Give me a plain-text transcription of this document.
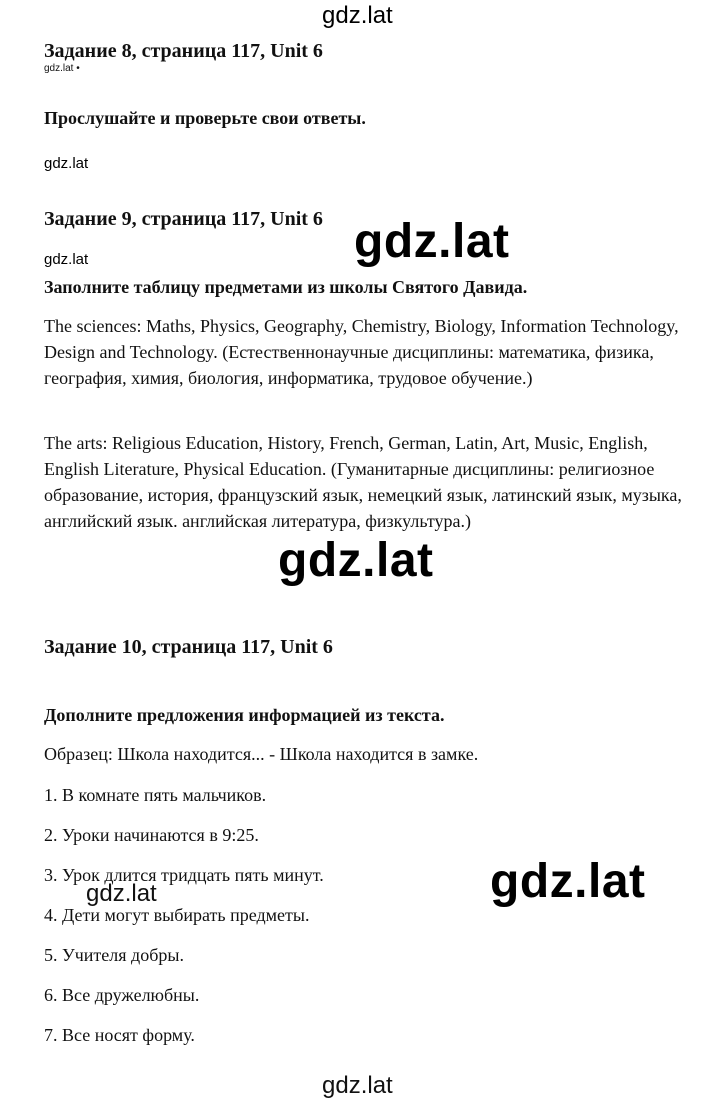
gdz.lat
Задание 8, страница 117, Unit 6
gdz.lat •
Прослушайте и проверьте свои ответы.
gdz.lat
Задание 9, страница 117, Unit 6 gdz.lat
gdz.lat
Заполните таблицу предметами из школы Святого Давида.
The sciences: Maths, Physics, Geography, Chemistry, Biology, Information Technology, Design and Technology. (Естественнонаучные дисциплины: математика, физика, география, химия, биология, информатика, трудовое обучение.)
The arts: Religious Education, History, French, German, Latin, Art, Music, English, English Literature, Physical Education. (Гуманитарные дисциплины: религиозное образование, история, французский язык, немецкий язык, латинский язык, музыка, английский язык. английская литература, физкультура.)
gdz.lat
Задание 10, страница 117, Unit 6
Дополните предложения информацией из текста.
Образец: Школа находится... - Школа находится в замке.
1. В комнате пять мальчиков.
2. Уроки начинаются в 9:25.
3. Урок длится тридцать пять минут.
4. Дети могут выбирать предметы.
5. Учителя добры.
6. Все дружелюбны.
7. Все носят форму.
gdz.lat	gdz.lat
gdz.lat
